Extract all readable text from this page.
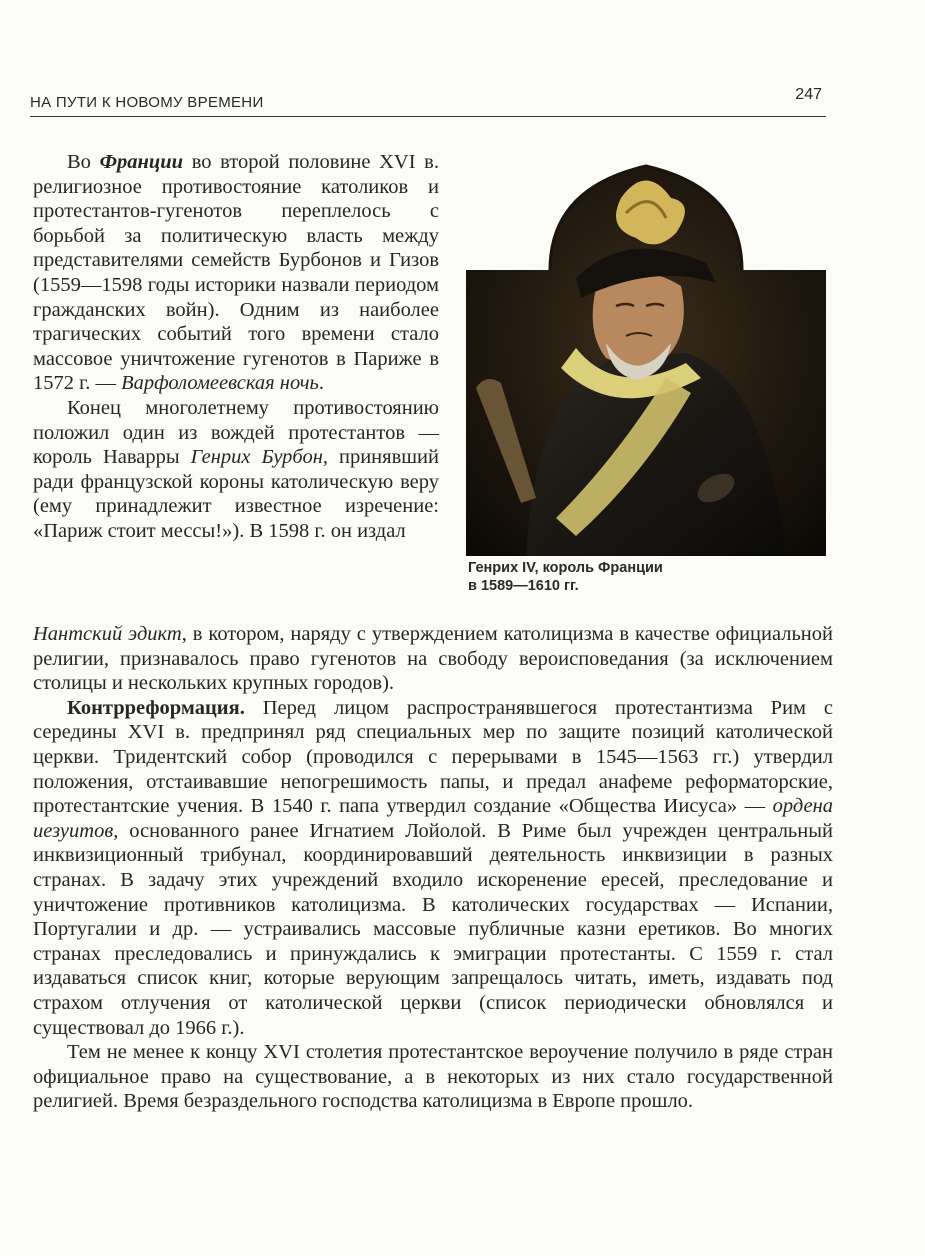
НА ПУТИ К НОВОМУ ВРЕМЕНИ	247

Во Франции во второй половине XVI в. религиозное противостояние католиков и протестантов-гугенотов переплелось с борьбой за политическую власть между представителями семейств Бурбонов и Гизов (1559—1598 годы историки назвали периодом гражданских войн). Одним из наиболее трагических событий того времени стало массовое уничтожение гугенотов в Париже в 1572 г. — Варфоломеевская ночь.

Конец многолетнему противостоянию положил один из вождей протестантов — король Наварры Генрих Бурбон, принявший ради французской короны католическую веру (ему принадлежит известное изречение: «Париж стоит мессы!»). В 1598 г. он издал

Генрих IV, король Франции
в 1589—1610 гг.

Нантский эдикт, в котором, наряду с утверждением католицизма в качестве официальной религии, признавалось право гугенотов на свободу вероисповедания (за исключением столицы и нескольких крупных городов).

Контрреформация. Перед лицом распространявшегося протестантизма Рим с середины XVI в. предпринял ряд специальных мер по защите позиций католической церкви. Тридентский собор (проводился с перерывами в 1545—1563 гг.) утвердил положения, отстаивавшие непогрешимость папы, и предал анафеме реформаторские, протестантские учения. В 1540 г. папа утвердил создание «Общества Иисуса» — ордена иезуитов, основанного ранее Игнатием Лойолой. В Риме был учрежден центральный инквизиционный трибунал, координировавший деятельность инквизиции в разных странах. В задачу этих учреждений входило искоренение ересей, преследование и уничтожение противников католицизма. В католических государствах — Испании, Португалии и др. — устраивались массовые публичные казни еретиков. Во многих странах преследовались и принуждались к эмиграции протестанты. С 1559 г. стал издаваться список книг, которые верующим запрещалось читать, иметь, издавать под страхом отлучения от католической церкви (список периодически обновлялся и существовал до 1966 г.).

Тем не менее к концу XVI столетия протестантское вероучение получило в ряде стран официальное право на существование, а в некоторых из них стало государственной религией. Время безраздельного господства католицизма в Европе прошло.
